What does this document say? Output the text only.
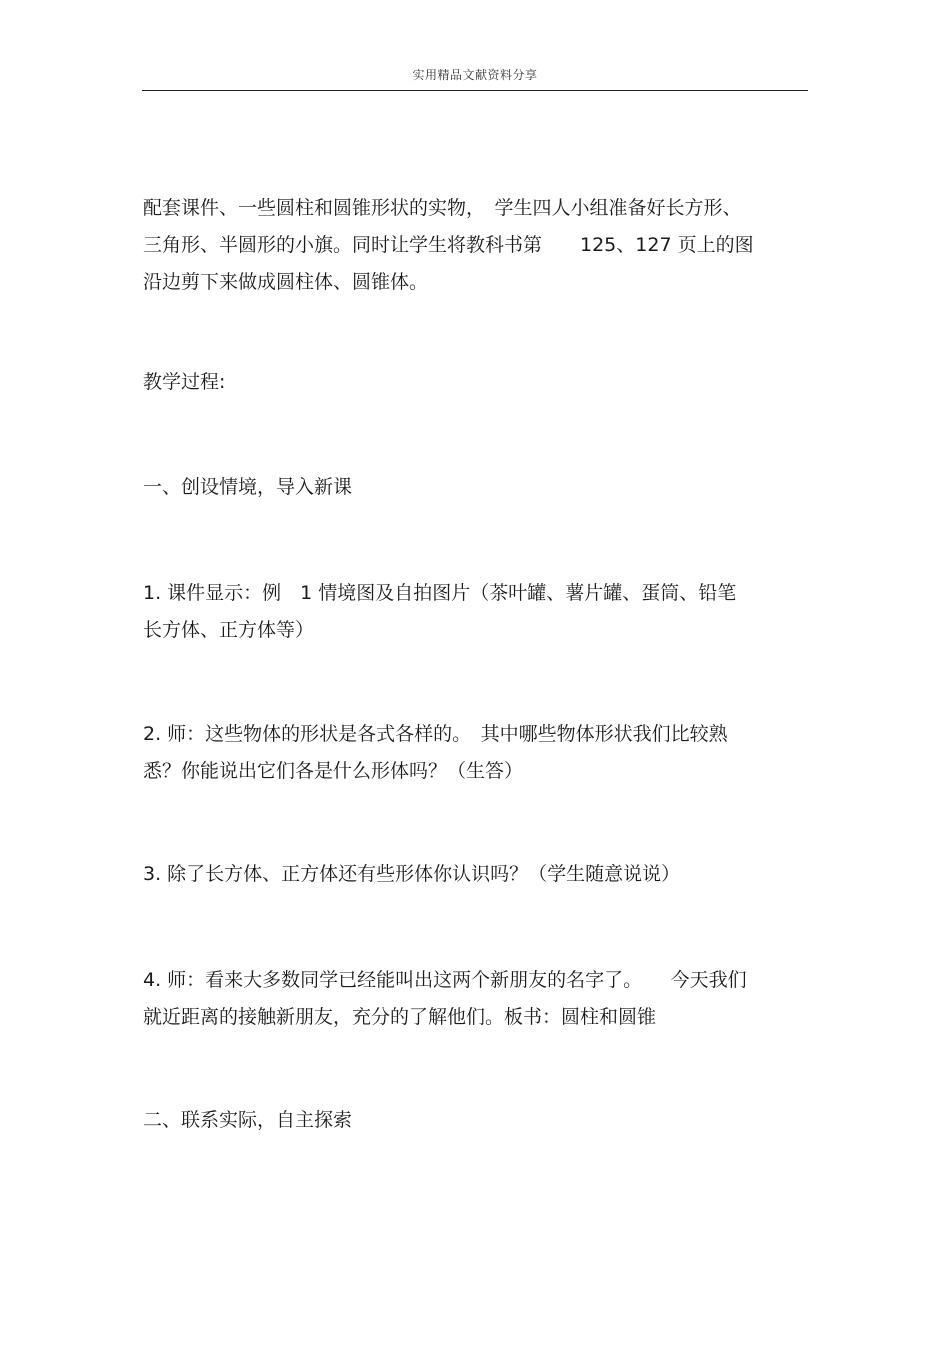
实用精品文献资料分享
配套课件、一些圆柱和圆锥形状的实物，　学生四人小组准备好长方形、
三角形、半圆形的小旗。同时让学生将教科书第　　125、127 页上的图
沿边剪下来做成圆柱体、圆锥体。
教学过程:
一、创设情境，导入新课
1. 课件显示：例　1 情境图及自拍图片（茶叶罐、薯片罐、蛋筒、铅笔
长方体、正方体等）
2. 师：这些物体的形状是各式各样的。　其中哪些物体形状我们比较熟
悉？你能说出它们各是什么形体吗？（生答）
3. 除了长方体、正方体还有些形体你认识吗？（学生随意说说）
4. 师：看来大多数同学已经能叫出这两个新朋友的名字了。　　今天我们
就近距离的接触新朋友，充分的了解他们。板书：圆柱和圆锥
二、联系实际，自主探索
